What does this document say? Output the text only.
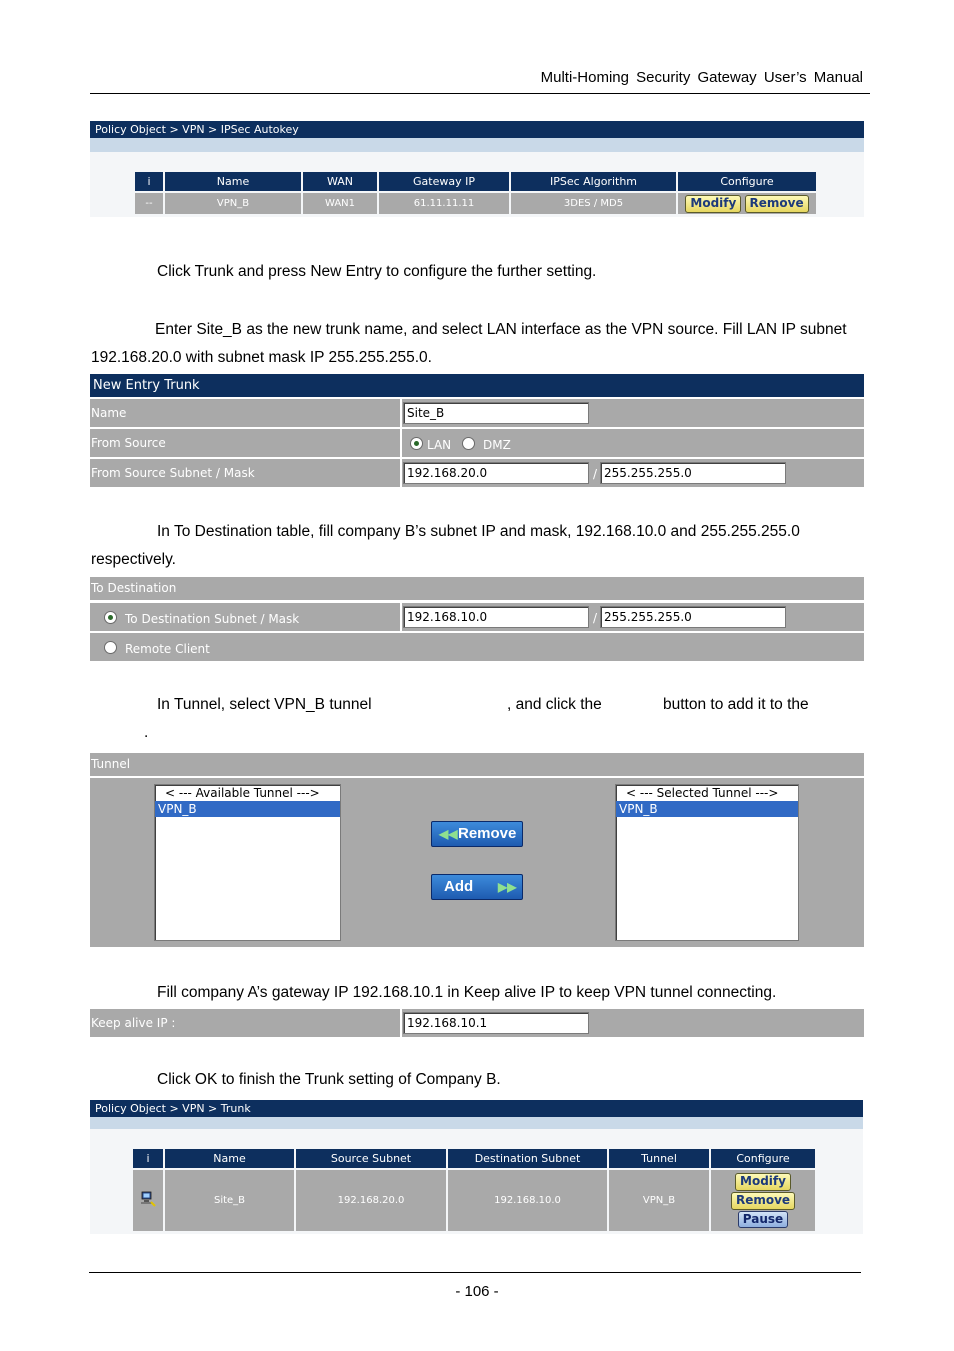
Multi-Homing Security Gateway User’s Manual
Policy Object > VPN > IPSec Autokey
i	Name	WAN	Gateway IP	IPSec Algorithm	Configure
--	VPN_B	WAN1	61.11.11.11	3DES / MD5	Modify Remove
Click Trunk and press New Entry to configure the further setting.
Enter Site_B as the new trunk name, and select LAN interface as the VPN source. Fill LAN IP subnet
192.168.20.0 with subnet mask IP 255.255.255.0.
New Entry Trunk
Name	Site_B
From Source	LAN	DMZ
From Source Subnet / Mask	192.168.20.0	/ 255.255.255.0
In To Destination table, fill company B’s subnet IP and mask, 192.168.10.0 and 255.255.255.0
respectively.
To Destination
To Destination Subnet / Mask	192.168.10.0	/ 255.255.255.0
Remote Client
In Tunnel, select VPN_B tunnel	, and click the	button to add it to the
.
Tunnel
< --- Available Tunnel --->
VPN_B
◀◀ Remove
Add ▶▶
< --- Selected Tunnel --->
VPN_B
Fill company A’s gateway IP 192.168.10.1 in Keep alive IP to keep VPN tunnel connecting.
Keep alive IP :	192.168.10.1
Click OK to finish the Trunk setting of Company B.
Policy Object > VPN > Trunk
i	Name	Source Subnet	Destination Subnet	Tunnel	Configure
	Site_B	192.168.20.0	192.168.10.0	VPN_B	Modify
Remove
Pause
- 106 -
